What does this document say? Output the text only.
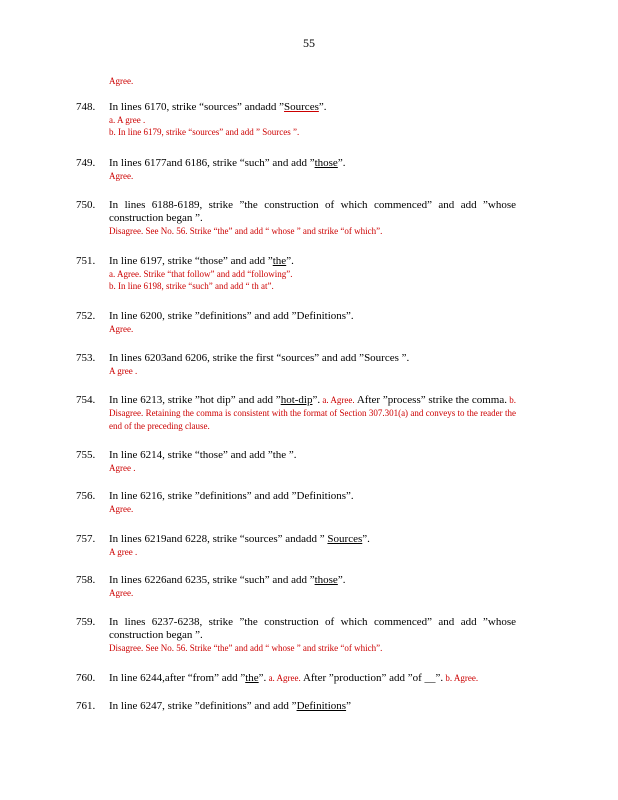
55
Agree.
748.	In lines 6170, strike “sources” andadd ”Sources”.
a. A gree .
b. In line 6179, strike “sources” and add ” Sources ”.
749.	In lines 6177and 6186, strike “such” and add ”those”.
Agree.
750.	In lines 6188-6189, strike ”the construction of which commenced” and add ”whose construction began ”.
Disagree. See No. 56. Strike “the” and add “ whose ” and strike “of which”.
751.	In line 6197, strike “those” and add ”the”.
a. Agree. Strike “that follow” and add “following”.
b. In line 6198, strike “such” and add “ th at”.
752.	In line 6200, strike ”definitions” and add ”Definitions”.
Agree.
753.	In lines 6203and 6206, strike the first “sources” and add ”Sources ”.
A gree .
754.	In line 6213, strike ”hot dip” and add ”hot-dip”. a. Agree. After ”process” strike the comma. b. Disagree. Retaining the comma is consistent with the format of Section 307.301(a) and conveys to the reader the end of the preceding clause.
755.	In line 6214, strike “those” and add ”the ”.
Agree .
756.	In line 6216, strike ”definitions” and add ”Definitions”.
Agree.
757.	In lines 6219and 6228, strike “sources” andadd ” Sources”.
A gree .
758.	In lines 6226and 6235, strike “such” and add ”those”.
Agree.
759.	In lines 6237-6238, strike ”the construction of which commenced” and add ”whose construction began ”.
Disagree. See No. 56. Strike “the” and add “ whose ” and strike “of which”.
760.	In line 6244,after “from” add ”the”. a. Agree. After ”production” add ”of __”. b. Agree.
761.	In line 6247, strike ”definitions” and add ”Definitions”
